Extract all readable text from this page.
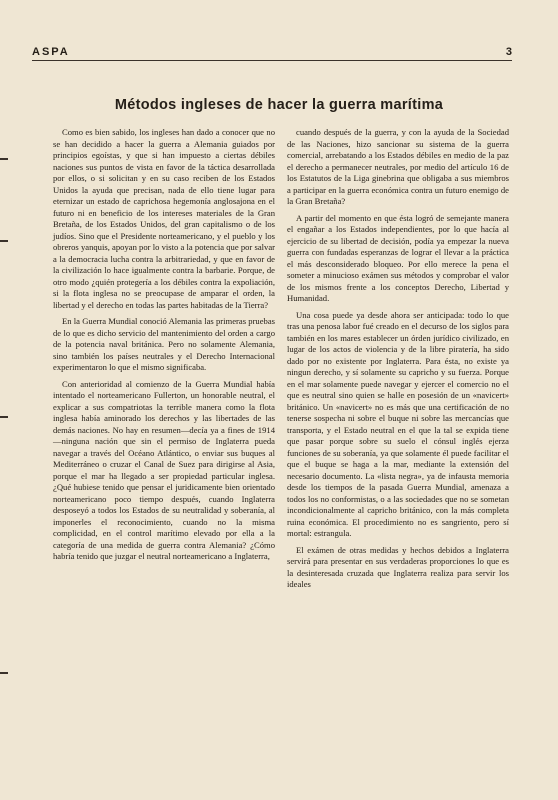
ASPA	3
Métodos ingleses de hacer la guerra marítima

Como es bien sabido, los ingleses han dado a conocer que no se han decidido a hacer la guerra a Alemania guiados por principios egoístas, y que si han impuesto a ciertas débiles naciones sus puntos de vista en favor de la táctica desarrollada por ellos, o si solicitan y en su caso reciben de los Estados Unidos la ayuda que precisan, nada de ello tiene lugar para eternizar un estado de caprichosa hegemonía anglosajona en el futuro ni en beneficio de los intereses materiales de la Gran Bretaña, de los Estados Unidos, del gran capitalismo o de los judíos. Sino que el Presidente norteamericano, y el pueblo y los obreros yanquis, apoyan por lo visto a la potencia que por salvar a la democracia lucha contra la arbitrariedad, y que en favor de la civilización lo hace igualmente contra la barbarie. Porque, de otro modo ¿quién protegería a los débiles contra la expoliación, si la flota inglesa no se preocupase de amparar el orden, la libertad y el derecho en todas las partes habitadas de la Tierra?

En la Guerra Mundial conoció Alemania las primeras pruebas de lo que es dicho servicio del mantenimiento del orden a cargo de la potencia naval británica. Pero no solamente Alemania, sino también los países neutrales y el Derecho Internacional experimentaron lo que el mismo significaba.

Con anterioridad al comienzo de la Guerra Mundial había intentado el norteamericano Fullerton, un honorable neutral, el explicar a sus compatriotas la terrible manera como la flota inglesa había aminorado los derechos y las libertades de las demás naciones. No hay en resumen—decía ya a fines de 1914—ninguna nación que sin el permiso de Inglaterra pueda navegar a través del Océano Atlántico, o enviar sus buques al Mediterráneo o cruzar el Canal de Suez para dirigirse al Asia, porque el mar ha llegado a ser propiedad particular inglesa. ¿Qué hubiese tenido que pensar el juridicamente bien orientado norteamericano poco tiempo después, cuando Inglaterra desposeyó a todos los Estados de su neutralidad y soberanía, al imponerles el reconocimiento, cuando no la misma complicidad, en el control marítimo elevado por ella a la categoría de una medida de guerra contra Alemania? ¿Cómo habría tenido que juzgar el neutral norteamericano a Inglaterra,

cuando después de la guerra, y con la ayuda de la Sociedad de las Naciones, hizo sancionar su sistema de la guerra comercial, arrebatando a los Estados débiles en medio de la paz el derecho a permanecer neutrales, por medio del artículo 16 de los Estatutos de la Liga ginebrina que obligaba a sus miembros a participar en la guerra económica contra un futuro enemigo de la Gran Bretaña?

A partir del momento en que ésta logró de semejante manera el engañar a los Estados independientes, por lo que hacía al ejercicio de su libertad de decisión, podía ya empezar la nueva guerra con fundadas esperanzas de lograr el llevar a la práctica el más desconsiderado bloqueo. Por ello merece la pena el someter a minucioso exámen sus métodos y comprobar el valor de los mismos frente a los conceptos Derecho, Libertad y Humanidad.

Una cosa puede ya desde ahora ser anticipada: todo lo que tras una penosa labor fué creado en el decurso de los siglos para también en los mares establecer un órden jurídico civilizado, en lugar de los actos de violencia y de la libre piratería, ha sido dado por no existente por Inglaterra. Para ésta, no existe ya ningun derecho, y sí solamente su capricho y su fuerza. Porque en el mar solamente puede navegar y ejercer el comercio no el que es neutral sino quien se halle en posesión de un «navicert» británico. Un «navicert» no es más que una certificación de no tenerse sospecha ni sobre el buque ni sobre las mercancías que transporta, y el Estado neutral en el que la tal se expida tiene que pasar porque sobre su suelo el cónsul inglés ejerza funciones de su soberanía, ya que solamente él puede facilitar el que el buque se haga a la mar, mediante la extensión del necesario documento. La «lista negra», ya de infausta memoria desde los tiempos de la pasada Guerra Mundial, amenaza a todos los no conformistas, o a las sociedades que no se sometan incondicionalmente al capricho británico, con la más completa ruina económica. El procedimiento no es sangriento, pero sí mortal: estrangula.

El exámen de otras medidas y hechos debidos a Inglaterra servirá para presentar en sus verdaderas proporciones lo que es la desinteresada cruzada que Inglaterra realiza para servir los ideales
